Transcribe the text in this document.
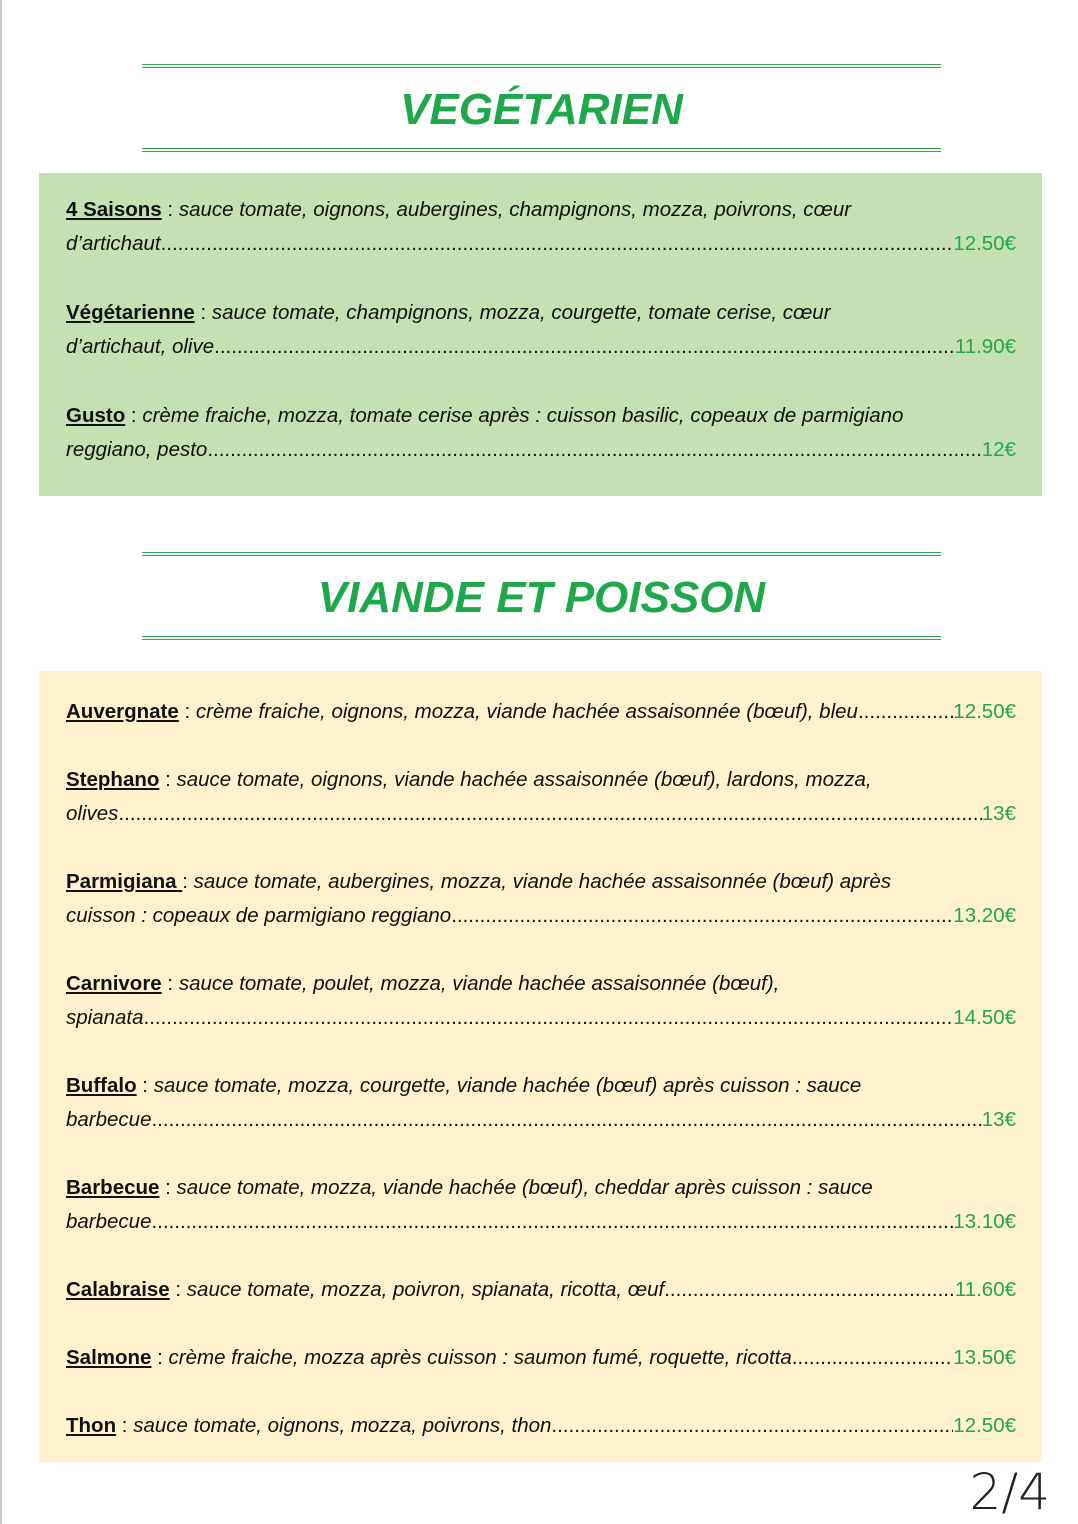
VEGÉTARIEN
4 Saisons : sauce tomate, oignons, aubergines, champignons, mozza, poivrons, cœur
d’artichaut .....	12.50€
Végétarienne : sauce tomate, champignons, mozza, courgette, tomate cerise, cœur
d’artichaut, olive .....	11.90€
Gusto : crème fraiche, mozza, tomate cerise après : cuisson basilic, copeaux de parmigiano
reggiano, pesto .....	12€
VIANDE ET POISSON
Auvergnate : crème fraiche, oignons, mozza, viande hachée assaisonnée (bœuf), bleu .....	12.50€
Stephano : sauce tomate, oignons, viande hachée assaisonnée (bœuf), lardons, mozza,
olives .....	13€
Parmigiana : sauce tomate, aubergines, mozza, viande hachée assaisonnée (bœuf) après
cuisson : copeaux de parmigiano reggiano .....	13.20€
Carnivore : sauce tomate, poulet, mozza, viande hachée assaisonnée (bœuf),
spianata .....	14.50€
Buffalo : sauce tomate, mozza, courgette, viande hachée (bœuf) après cuisson : sauce
barbecue .....	13€
Barbecue : sauce tomate, mozza, viande hachée (bœuf), cheddar après cuisson : sauce
barbecue .....	13.10€
Calabraise : sauce tomate, mozza, poivron, spianata, ricotta, œuf .....	11.60€
Salmone : crème fraiche, mozza après cuisson : saumon fumé, roquette, ricotta .....	13.50€
Thon : sauce tomate, oignons, mozza, poivrons, thon .....	12.50€
2/4
